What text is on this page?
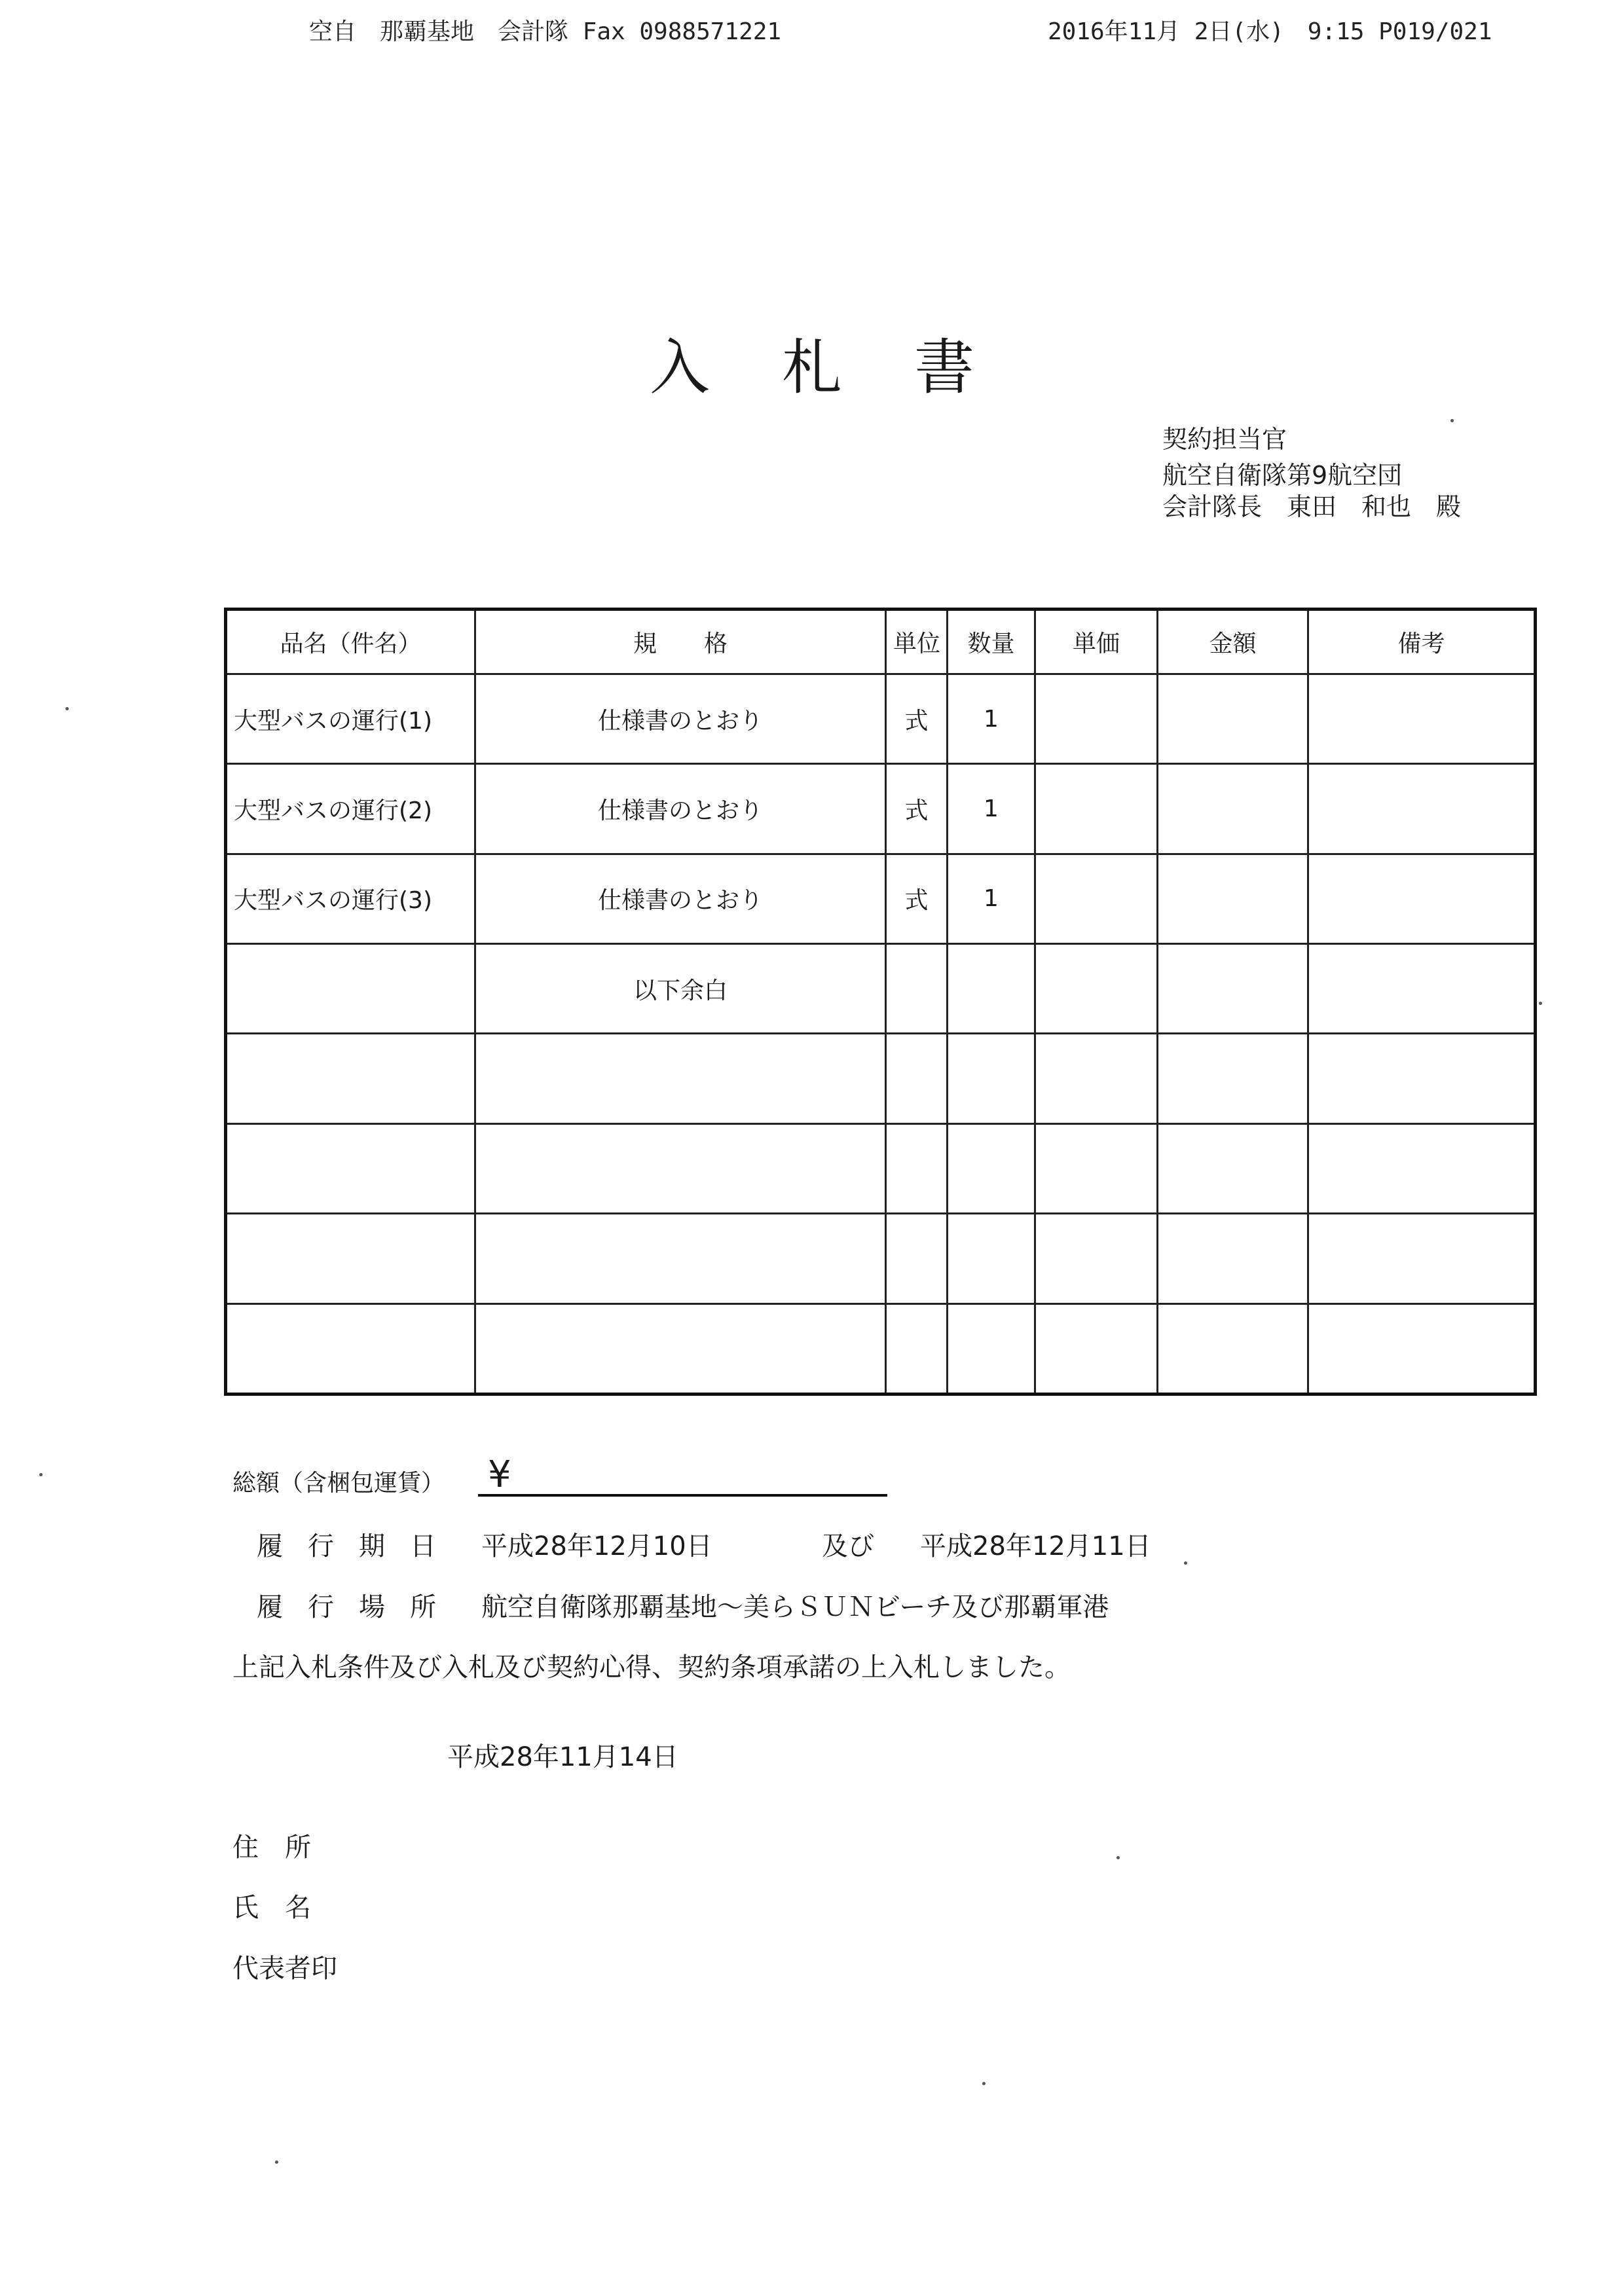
空自　那覇基地　会計隊 Fax 0988571221	2016年11月 2日(水)　9:15 P019/021
入札書
契約担当官
航空自衛隊第9航空団
会計隊長　東田　和也　殿
品名（件名）	規　　格	単位	数量	単価	金額	備考
大型バスの運行(1)	仕様書のとおり	式	1			
大型バスの運行(2)	仕様書のとおり	式	1			
大型バスの運行(3)	仕様書のとおり	式	1			
	以下余白					

総額（含梱包運賃） ¥
履行期日 平成28年12月10日	及び 平成28年12月11日
履行場所 航空自衛隊那覇基地〜美らＳＵＮビーチ及び那覇軍港
上記入札条件及び入札及び契約心得、契約条項承諾の上入札しました。
平成28年11月14日
住　所
氏　名
代表者印
